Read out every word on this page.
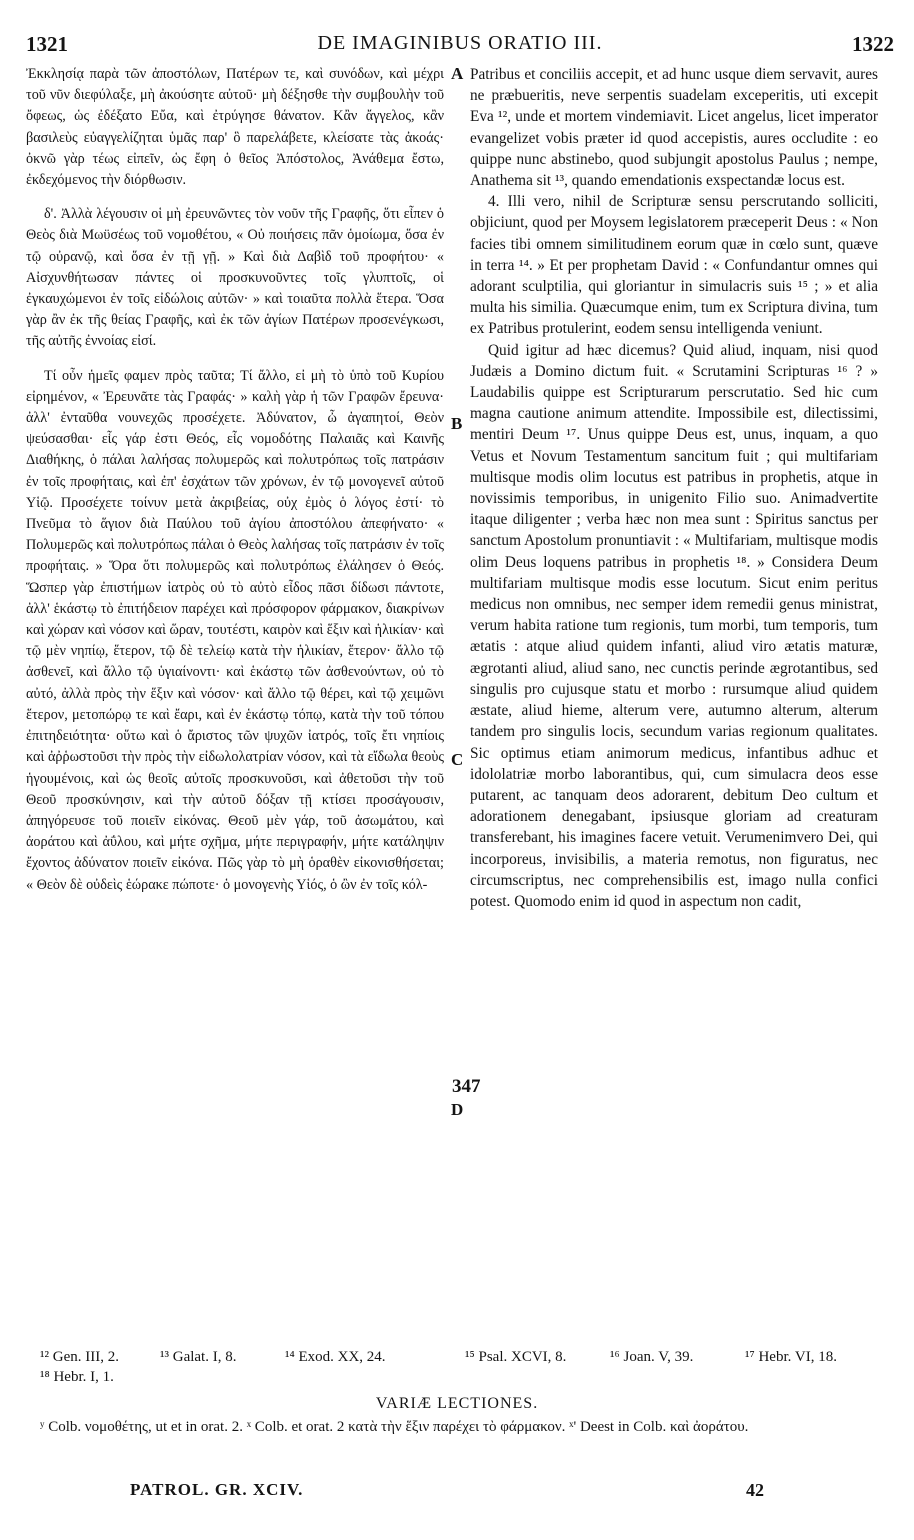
1321	DE IMAGINIBUS ORATIO III.	1322

Ἐκκλησίᾳ παρὰ τῶν ἀποστόλων, Πατέρων τε, καὶ συνόδων, καὶ μέχρι τοῦ νῦν διεφύλαξε, μὴ ἀκούσητε αὐτοῦ· μὴ δέξησθε τὴν συμβουλὴν τοῦ ὄφεως, ὡς ἐδέξατο Εὔα, καὶ ἐτρύγησε θάνατον. Κἂν ἄγγελος, κἂν βασιλεὺς εὐαγγελίζηται ὑμᾶς παρ' ὃ παρελάβετε, κλείσατε τὰς ἀκοάς· ὀκνῶ γὰρ τέως εἰπεῖν, ὡς ἔφη ὁ θεῖος Ἀπόστολος, Ἀνάθεμα ἔστω, ἐκδεχόμενος τὴν διόρθωσιν.

δ'. Ἀλλὰ λέγουσιν οἱ μὴ ἐρευνῶντες τὸν νοῦν τῆς Γραφῆς, ὅτι εἶπεν ὁ Θεὸς διὰ Μωϋσέως τοῦ νομοθέτου, « Οὐ ποιήσεις πᾶν ὁμοίωμα, ὅσα ἐν τῷ οὐρανῷ, καὶ ὅσα ἐν τῇ γῇ. » Καὶ διὰ Δαβὶδ τοῦ προφήτου· « Αἰσχυνθήτωσαν πάντες οἱ προσκυνοῦντες τοῖς γλυπτοῖς, οἱ ἐγκαυχώμενοι ἐν τοῖς εἰδώλοις αὐτῶν· » καὶ τοιαῦτα πολλὰ ἕτερα. Ὅσα γὰρ ἂν ἐκ τῆς θείας Γραφῆς, καὶ ἐκ τῶν ἁγίων Πατέρων προσενέγκωσι, τῆς αὐτῆς ἐννοίας εἰσί.

Τί οὖν ἡμεῖς φαμεν πρὸς ταῦτα; Τί ἄλλο, εἰ μὴ τὸ ὑπὸ τοῦ Κυρίου εἰρημένον, « Ἐρευνᾶτε τὰς Γραφάς· » καλὴ γὰρ ἡ τῶν Γραφῶν ἔρευνα· ἀλλ' ἐνταῦθα νουνεχῶς προσέχετε. Ἀδύνατον, ὦ ἀγαπητοί, Θεὸν ψεύσασθαι· εἷς γάρ ἐστι Θεός, εἷς νομοδότης Παλαιᾶς καὶ Καινῆς Διαθήκης, ὁ πάλαι λαλήσας πολυμερῶς καὶ πολυτρόπως τοῖς πατράσιν ἐν τοῖς προφήταις, καὶ ἐπ' ἐσχάτων τῶν χρόνων, ἐν τῷ μονογενεῖ αὐτοῦ Υἱῷ. Προσέχετε τοίνυν μετὰ ἀκριβείας, οὐχ ἐμὸς ὁ λόγος ἐστί· τὸ Πνεῦμα τὸ ἅγιον διὰ Παύλου τοῦ ἁγίου ἀποστόλου ἀπεφήνατο· « Πολυμερῶς καὶ πολυτρόπως πάλαι ὁ Θεὸς λαλήσας τοῖς πατράσιν ἐν τοῖς προφήταις. » Ὅρα ὅτι πολυμερῶς καὶ πολυτρόπως ἐλάλησεν ὁ Θεός. Ὥσπερ γὰρ ἐπιστήμων ἰατρὸς οὐ τὸ αὐτὸ εἶδος πᾶσι δίδωσι πάντοτε, ἀλλ' ἑκάστῳ τὸ ἐπιτήδειον παρέχει καὶ πρόσφορον φάρμακον, διακρίνων καὶ χώραν καὶ νόσον καὶ ὥραν, τουτέστι, καιρὸν καὶ ἕξιν καὶ ἡλικίαν· καὶ τῷ μὲν νηπίῳ, ἕτερον, τῷ δὲ τελείῳ κατὰ τὴν ἡλικίαν, ἕτερον· ἄλλο τῷ ἀσθενεῖ, καὶ ἄλλο τῷ ὑγιαίνοντι· καὶ ἑκάστῳ τῶν ἀσθενούντων, οὐ τὸ αὐτό, ἀλλὰ πρὸς τὴν ἕξιν καὶ νόσον· καὶ ἄλλο τῷ θέρει, καὶ τῷ χειμῶνι ἕτερον, μετοπώρῳ τε καὶ ἔαρι, καὶ ἐν ἑκάστῳ τόπῳ, κατὰ τὴν τοῦ τόπου ἐπιτηδειότητα· οὕτω καὶ ὁ ἄριστος τῶν ψυχῶν ἰατρός, τοῖς ἔτι νηπίοις καὶ ἀῤῥωστοῦσι τὴν πρὸς τὴν εἰδωλολατρίαν νόσον, καὶ τὰ εἴδωλα θεοὺς ἡγουμένοις, καὶ ὡς θεοῖς αὐτοῖς προσκυνοῦσι, καὶ ἀθετοῦσι τὴν τοῦ Θεοῦ προσκύνησιν, καὶ τὴν αὐτοῦ δόξαν τῇ κτίσει προσάγουσιν, ἀπηγόρευσε τοῦ ποιεῖν εἰκόνας. Θεοῦ μὲν γάρ, τοῦ ἀσωμάτου, καὶ ἀοράτου καὶ ἀΰλου, καὶ μήτε σχῆμα, μήτε περιγραφήν, μήτε κατάληψιν ἔχοντος ἀδύνατον ποιεῖν εἰκόνα. Πῶς γὰρ τὸ μὴ ὁραθὲν εἰκονισθήσεται; « Θεὸν δὲ οὐδεὶς ἑώρακε πώποτε· ὁ μονογενὴς Υἱός, ὁ ὢν ἐν τοῖς κόλ-

A
B
C
347
D

Patribus et conciliis accepit, et ad hunc usque diem servavit, aures ne præbueritis, neve serpentis suadelam exceperitis, uti excepit Eva ¹², unde et mortem vindemiavit. Licet angelus, licet imperator evangelizet vobis præter id quod accepistis, aures occludite : eo quippe nunc abstinebo, quod subjungit apostolus Paulus ; nempe, Anathema sit ¹³, quando emendationis exspectandæ locus est.

4. Illi vero, nihil de Scripturæ sensu perscrutando solliciti, objiciunt, quod per Moysem legislatorem præceperit Deus : « Non facies tibi omnem similitudinem eorum quæ in cœlo sunt, quæve in terra ¹⁴. » Et per prophetam David : « Confundantur omnes qui adorant sculptilia, qui gloriantur in simulacris suis ¹⁵ ; » et alia multa his similia. Quæcumque enim, tum ex Scriptura divina, tum ex Patribus protulerint, eodem sensu intelligenda veniunt.

Quid igitur ad hæc dicemus? Quid aliud, inquam, nisi quod Judæis a Domino dictum fuit. « Scrutamini Scripturas ¹⁶ ? » Laudabilis quippe est Scripturarum perscrutatio. Sed hic cum magna cautione animum attendite. Impossibile est, dilectissimi, mentiri Deum ¹⁷. Unus quippe Deus est, unus, inquam, a quo Vetus et Novum Testamentum sancitum fuit ; qui multifariam multisque modis olim locutus est patribus in prophetis, atque in novissimis temporibus, in unigenito Filio suo. Animadvertite itaque diligenter ; verba hæc non mea sunt : Spiritus sanctus per sanctum Apostolum pronuntiavit : « Multifariam, multisque modis olim Deus loquens patribus in prophetis ¹⁸. » Considera Deum multifariam multisque modis esse locutum. Sicut enim peritus medicus non omnibus, nec semper idem remedii genus ministrat, verum habita ratione tum regionis, tum morbi, tum temporis, tum ætatis : atque aliud quidem infanti, aliud viro ætatis maturæ, ægrotanti aliud, aliud sano, nec cunctis perinde ægrotantibus, sed singulis pro cujusque statu et morbo : rursumque aliud quidem æstate, aliud hieme, alterum vere, autumno alterum, alterum tandem pro singulis locis, secundum varias regionum qualitates. Sic optimus etiam animorum medicus, infantibus adhuc et idololatriæ morbo laborantibus, qui, cum simulacra deos esse putarent, ac tanquam deos adorarent, debitum Deo cultum et adorationem denegabant, ipsiusque gloriam ad creaturam transferebant, his imagines facere vetuit. Verumenimvero Dei, qui incorporeus, invisibilis, a materia remotus, non figuratus, nec circumscriptus, nec comprehensibilis est, imago nulla confici potest. Quomodo enim id quod in aspectum non cadit,

¹² Gen. III, 2.	¹³ Galat. I, 8.	¹⁴ Exod. XX, 24.	¹⁵ Psal. XCVI, 8.	¹⁶ Joan. V, 39.	¹⁷ Hebr. VI, 18.
¹⁸ Hebr. I, 1.
VARIÆ LECTIONES.

ʸ Colb. νομοθέτης, ut et in orat. 2. ˣ Colb. et orat. 2 κατὰ τὴν ἕξιν παρέχει τὸ φάρμακον. ˣ' Deest in Colb. καὶ ἀοράτου.

PATROL. GR. XCIV.	42
